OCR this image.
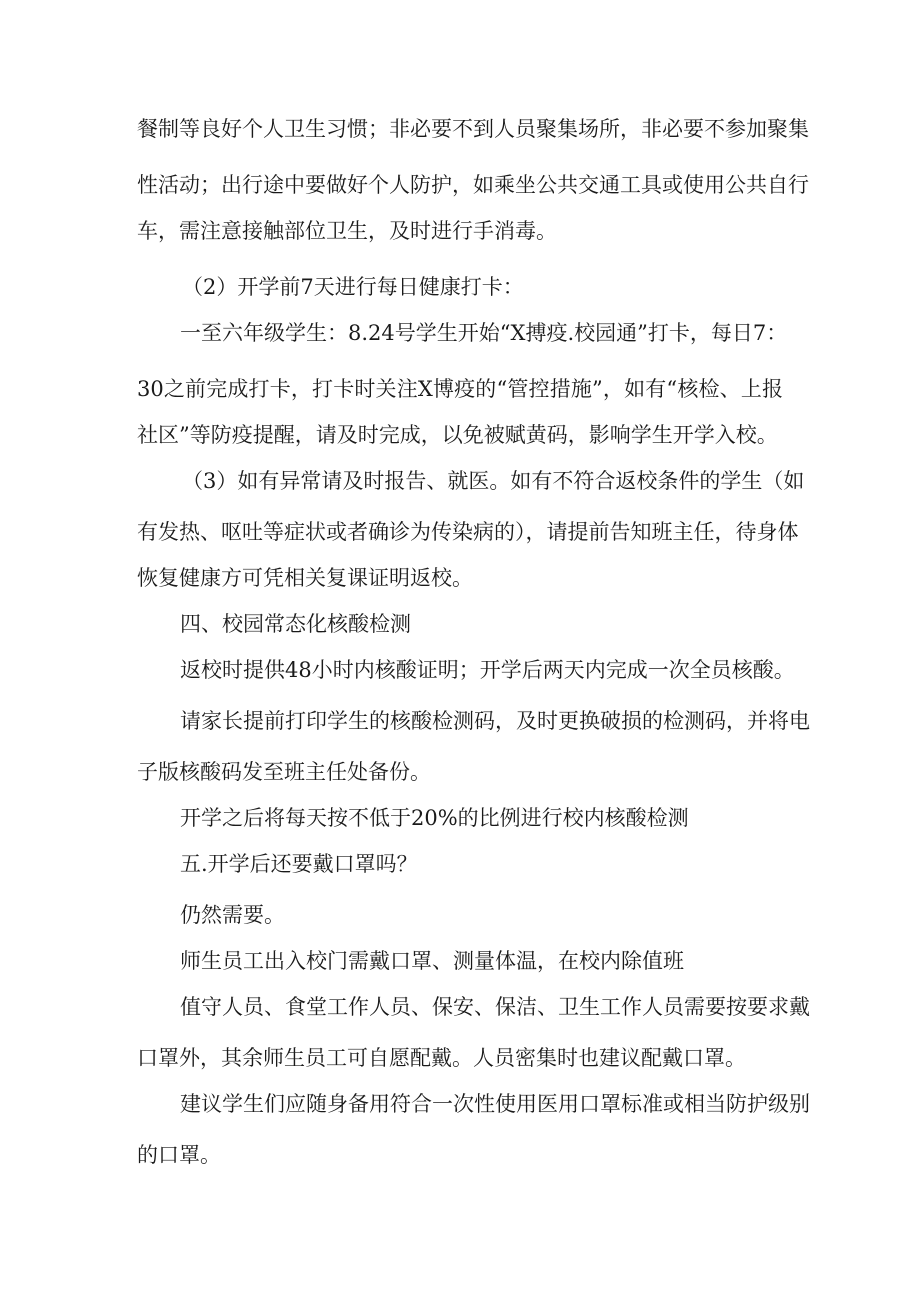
餐制等良好个人卫生习惯；非必要不到人员聚集场所，非必要不参加聚集
性活动；出行途中要做好个人防护，如乘坐公共交通工具或使用公共自行
车，需注意接触部位卫生，及时进行手消毒。
（2）开学前7天进行每日健康打卡：
一至六年级学生：8.24号学生开始“X搏疫.校园通”打卡，每日7：
30之前完成打卡，打卡时关注X博疫的“管控措施”，如有“核检、上报
社区”等防疫提醒，请及时完成，以免被赋黄码，影响学生开学入校。
（3）如有异常请及时报告、就医。如有不符合返校条件的学生（如
有发热、呕吐等症状或者确诊为传染病的），请提前告知班主任，待身体
恢复健康方可凭相关复课证明返校。
四、校园常态化核酸检测
返校时提供48小时内核酸证明；开学后两天内完成一次全员核酸。
请家长提前打印学生的核酸检测码，及时更换破损的检测码，并将电
子版核酸码发至班主任处备份。
开学之后将每天按不低于20%的比例进行校内核酸检测
五.开学后还要戴口罩吗？
仍然需要。
师生员工出入校门需戴口罩、测量体温，在校内除值班
值守人员、食堂工作人员、保安、保洁、卫生工作人员需要按要求戴
口罩外，其余师生员工可自愿配戴。人员密集时也建议配戴口罩。
建议学生们应随身备用符合一次性使用医用口罩标准或相当防护级别
的口罩。
